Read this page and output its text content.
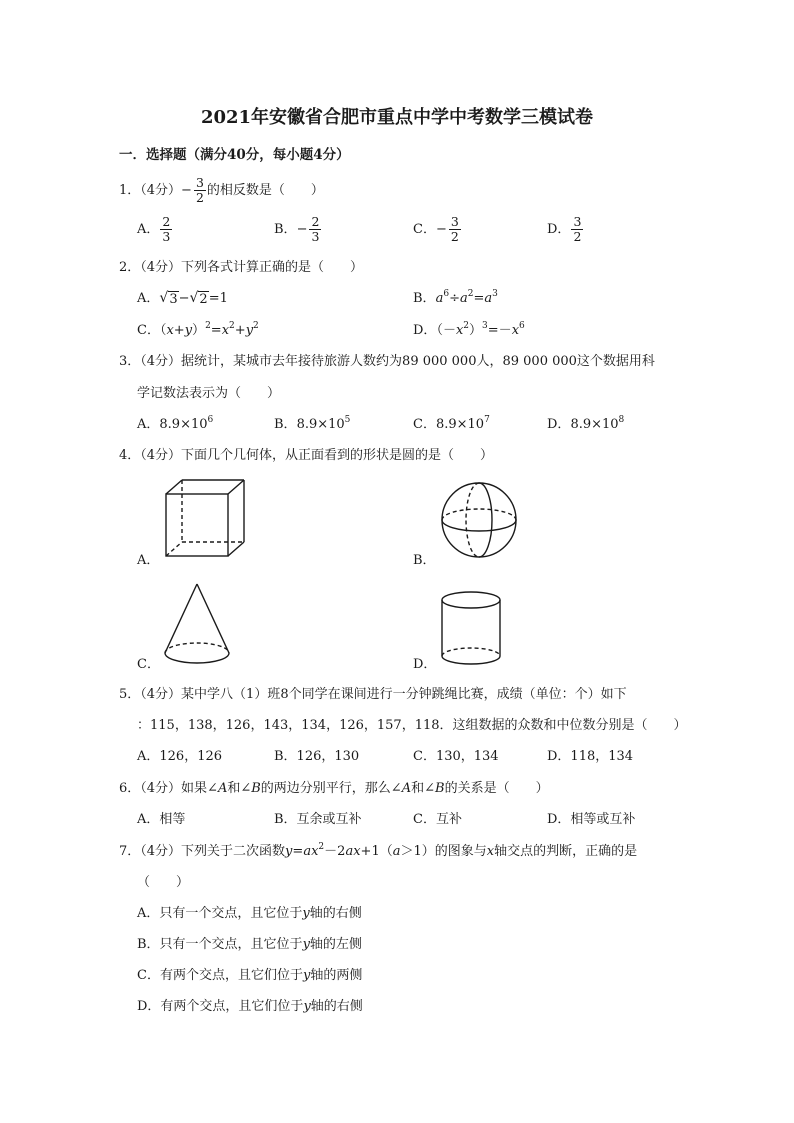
2021年安徽省合肥市重点中学中考数学三模试卷
一．选择题（满分40分，每小题4分）
1．（4分）− $\frac{3}{2}$ 的相反数是（　　）
A． $\frac{2}{3}$	B．− $\frac{2}{3}$	C．− $\frac{3}{2}$	D． $\frac{3}{2}$
2．（4分）下列各式计算正确的是（　　）
A． √ 3 − √ 2 =1	B．$a^6\div a^2=a^3$
C．$(x+y)^2=x^2+y^2$	D．$(-x^2)^3=-x^6$
3．（4分）据统计，某城市去年接待旅游人数约为89 000 000人，89 000 000这个数据用科
学记数法表示为（　　）
A．$8.9\times 10^6$	B．$8.9\times 10^5$	C．$8.9\times 10^7$	D．$8.9\times 10^8$
4．（4分）下面几个几何体，从正面看到的形状是圆的是（　　）
A．	B．
C．	D．
5．（4分）某中学八（1）班8个同学在课间进行一分钟跳绳比赛，成绩（单位：个）如下
：115，138，126，143，134，126，157，118．这组数据的众数和中位数分别是（　　）
A．126，126	B．126，130	C．130，134	D．118，134
6．（4分）如果∠A和∠B的两边分别平行，那么∠A和∠B的关系是（　　）
A．相等	B．互余或互补	C．互补	D．相等或互补
7．（4分）下列关于二次函数$y=ax^2-2ax+1(a>1)$的图象与x轴交点的判断，正确的是
（　　）
A．只有一个交点，且它位于y轴的右侧
B．只有一个交点，且它位于y轴的左侧
C．有两个交点，且它们位于y轴的两侧
D．有两个交点，且它们位于y轴的右侧
